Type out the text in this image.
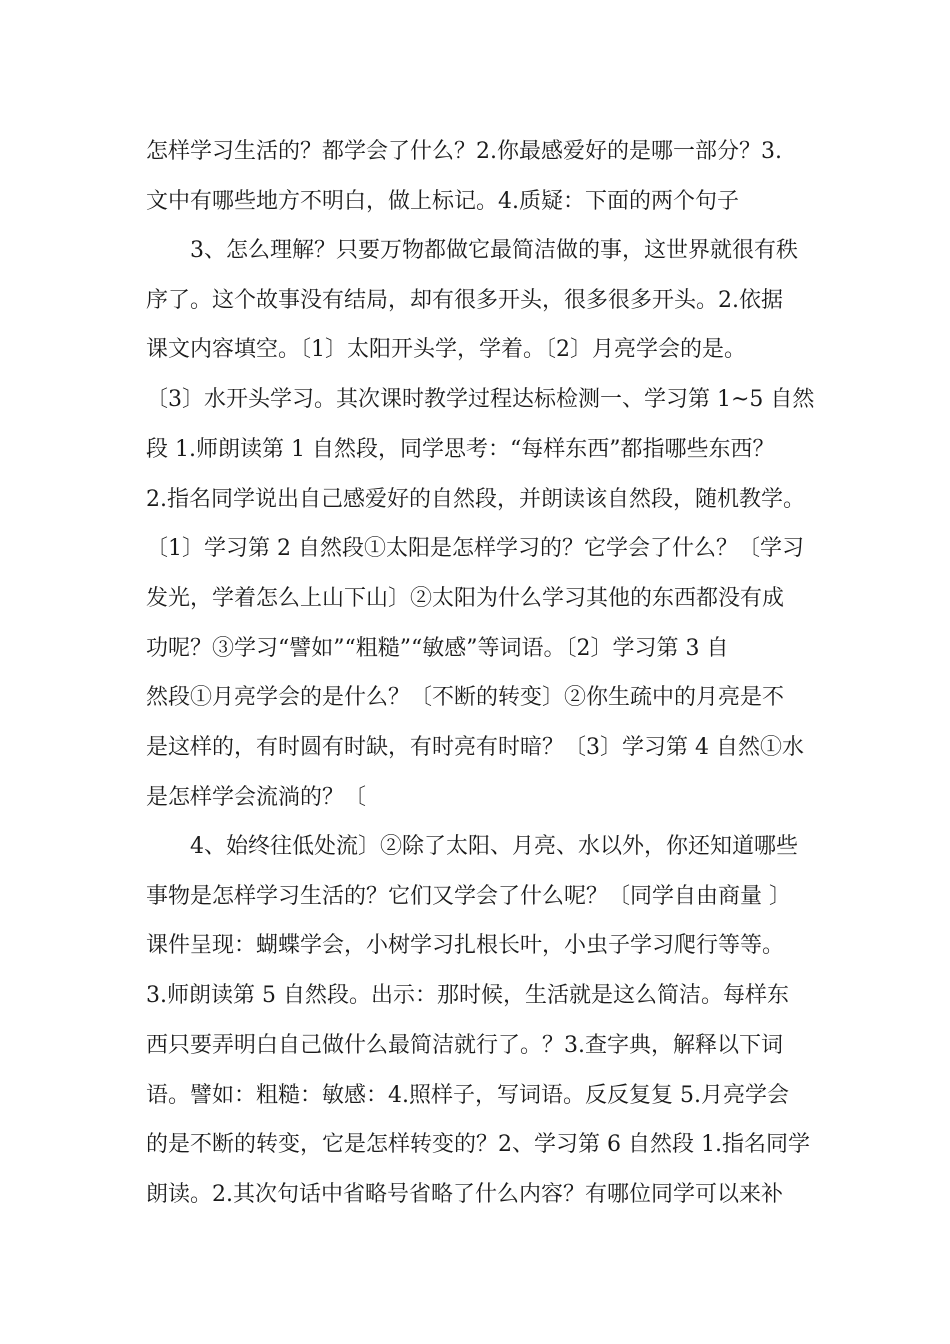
怎样学习生活的？都学会了什么？2.你最感爱好的是哪一部分？3.
文中有哪些地方不明白，做上标记。4.质疑：下面的两个句子
3、怎么理解？只要万物都做它最简洁做的事，这世界就很有秩
序了。这个故事没有结局，却有很多开头，很多很多开头。2.依据
课文内容填空。〔1〕太阳开头学，学着。〔2〕月亮学会的是。
〔3〕水开头学习。其次课时教学过程达标检测一、学习第 1~5 自然
段 1.师朗读第 1 自然段，同学思考：“每样东西”都指哪些东西？
2.指名同学说出自己感爱好的自然段，并朗读该自然段，随机教学。
〔1〕学习第 2 自然段①太阳是怎样学习的？它学会了什么？〔学习
发光，学着怎么上山下山〕②太阳为什么学习其他的东西都没有成
功呢？③学习“譬如”“粗糙”“敏感”等词语。〔2〕学习第 3 自
然段①月亮学会的是什么？〔不断的转变〕②你生疏中的月亮是不
是这样的，有时圆有时缺，有时亮有时暗？〔3〕学习第 4 自然①水
是怎样学会流淌的？〔
4、始终往低处流〕②除了太阳、月亮、水以外，你还知道哪些
事物是怎样学习生活的？它们又学会了什么呢？〔同学自由商量 〕
课件呈现：蝴蝶学会，小树学习扎根长叶，小虫子学习爬行等等。
3.师朗读第 5 自然段。出示：那时候，生活就是这么简洁。每样东
西只要弄明白自己做什么最简洁就行了。？3.查字典，解释以下词
语。譬如：粗糙：敏感：4.照样子，写词语。反反复复 5.月亮学会
的是不断的转变，它是怎样转变的？2、学习第 6 自然段 1.指名同学
朗读。2.其次句话中省略号省略了什么内容？有哪位同学可以来补
